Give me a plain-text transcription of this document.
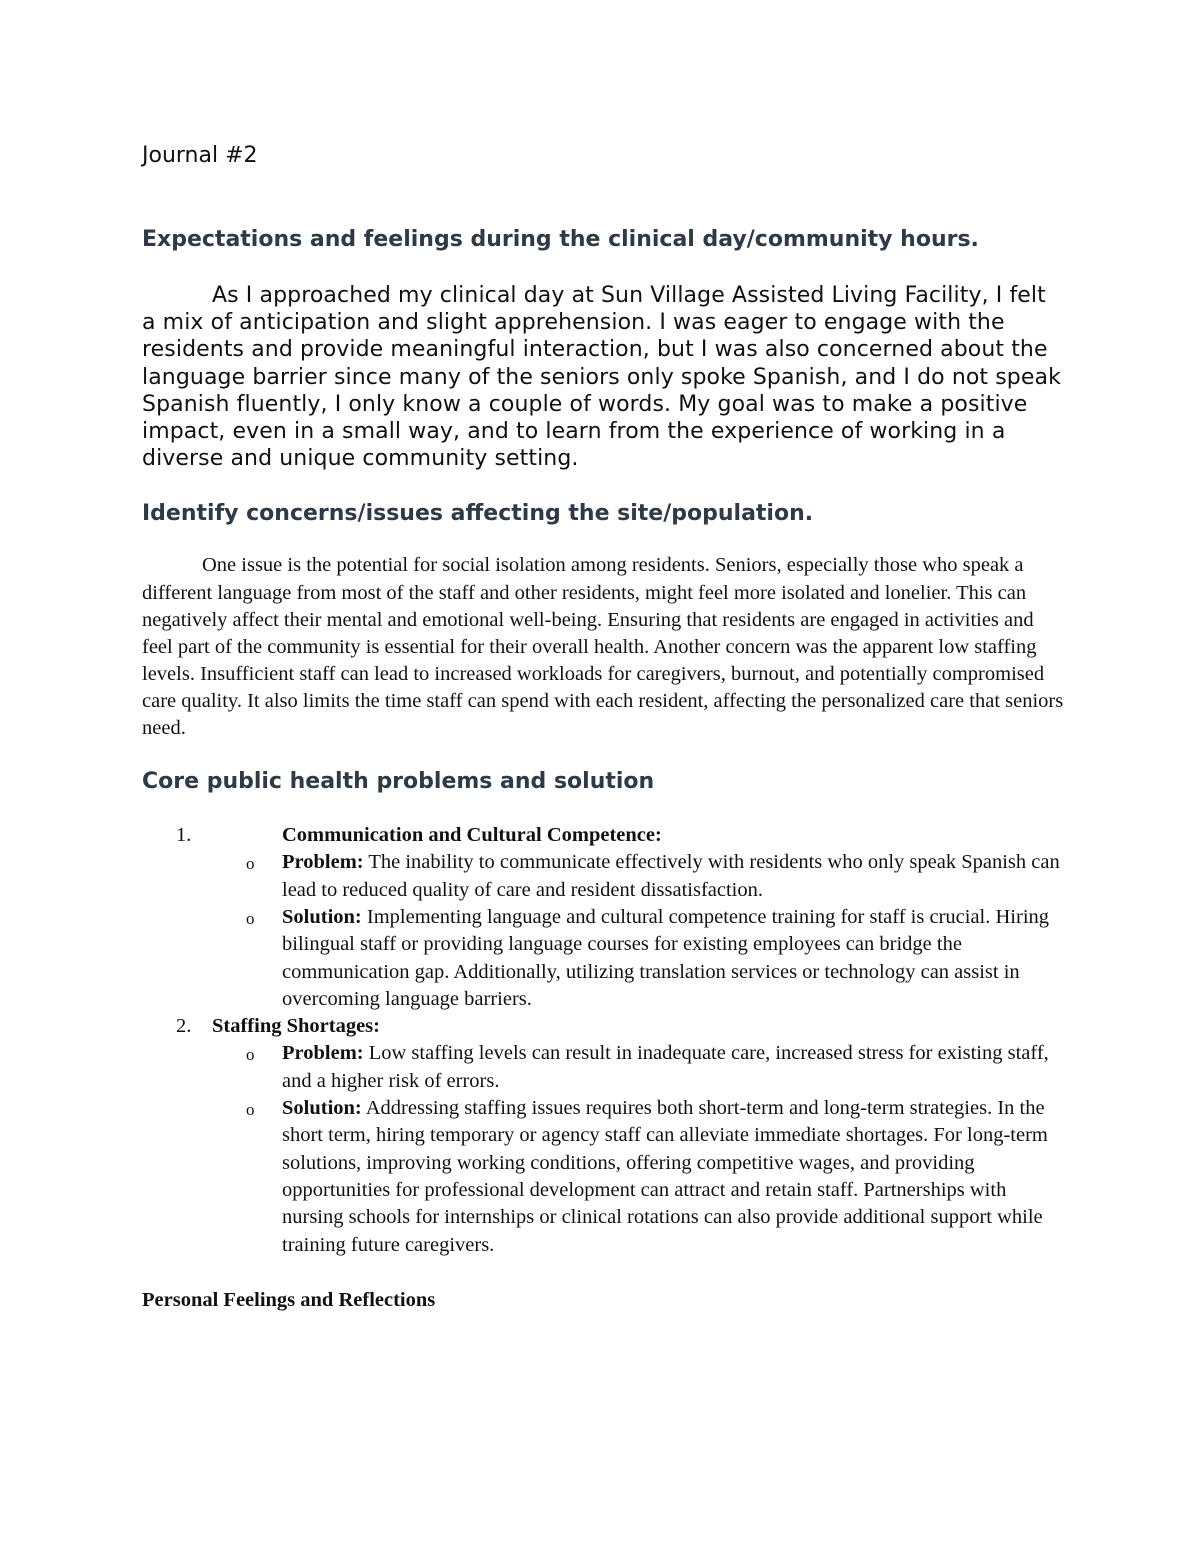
Journal #2
Expectations and feelings during the clinical day/community hours.

As I approached my clinical day at Sun Village Assisted Living Facility, I felt a mix of anticipation and slight apprehension. I was eager to engage with the residents and provide meaningful interaction, but I was also concerned about the language barrier since many of the seniors only spoke Spanish, and I do not speak Spanish fluently, I only know a couple of words. My goal was to make a positive impact, even in a small way, and to learn from the experience of working in a diverse and unique community setting.

Identify concerns/issues affecting the site/population.

One issue is the potential for social isolation among residents. Seniors, especially those who speak a different language from most of the staff and other residents, might feel more isolated and lonelier. This can negatively affect their mental and emotional well-being. Ensuring that residents are engaged in activities and feel part of the community is essential for their overall health. Another concern was the apparent low staffing levels. Insufficient staff can lead to increased workloads for caregivers, burnout, and potentially compromised care quality. It also limits the time staff can spend with each resident, affecting the personalized care that seniors need.

Core public health problems and solution
1.	Communication and Cultural Competence:
o Problem: The inability to communicate effectively with residents who only speak Spanish can lead to reduced quality of care and resident dissatisfaction.
o Solution: Implementing language and cultural competence training for staff is crucial. Hiring bilingual staff or providing language courses for existing employees can bridge the communication gap. Additionally, utilizing translation services or technology can assist in overcoming language barriers.
2. Staffing Shortages:
o Problem: Low staffing levels can result in inadequate care, increased stress for existing staff, and a higher risk of errors.
o Solution: Addressing staffing issues requires both short-term and long-term strategies. In the short term, hiring temporary or agency staff can alleviate immediate shortages. For long-term solutions, improving working conditions, offering competitive wages, and providing opportunities for professional development can attract and retain staff. Partnerships with nursing schools for internships or clinical rotations can also provide additional support while training future caregivers.
Personal Feelings and Reflections
